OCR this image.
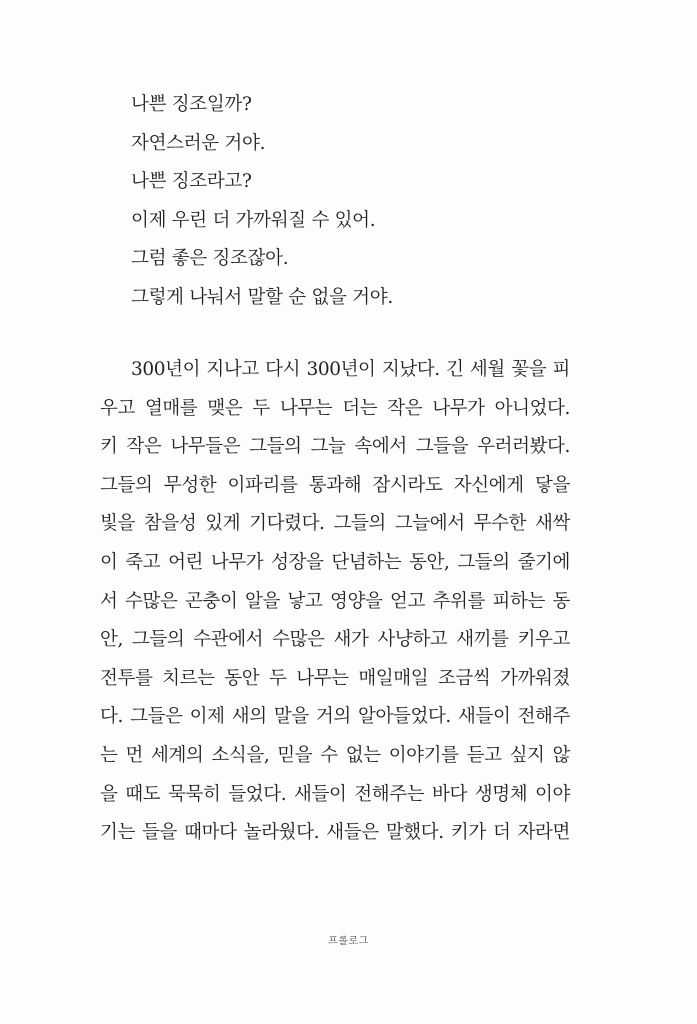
나쁜 징조일까?
자연스러운 거야.
나쁜 징조라고?
이제 우린 더 가까워질 수 있어.
그럼 좋은 징조잖아.
그렇게 나눠서 말할 순 없을 거야.
300년이 지나고 다시 300년이 지났다. 긴 세월 꽃을 피
우고 열매를 맺은 두 나무는 더는 작은 나무가 아니었다.
키 작은 나무들은 그들의 그늘 속에서 그들을 우러러봤다.
그들의 무성한 이파리를 통과해 잠시라도 자신에게 닿을
빛을 참을성 있게 기다렸다. 그들의 그늘에서 무수한 새싹
이 죽고 어린 나무가 성장을 단념하는 동안, 그들의 줄기에
서 수많은 곤충이 알을 낳고 영양을 얻고 추위를 피하는 동
안, 그들의 수관에서 수많은 새가 사냥하고 새끼를 키우고
전투를 치르는 동안 두 나무는 매일매일 조금씩 가까워졌
다. 그들은 이제 새의 말을 거의 알아들었다. 새들이 전해주
는 먼 세계의 소식을, 믿을 수 없는 이야기를 듣고 싶지 않
을 때도 묵묵히 들었다. 새들이 전해주는 바다 생명체 이야
기는 들을 때마다 놀라웠다. 새들은 말했다. 키가 더 자라면
프롤로그
